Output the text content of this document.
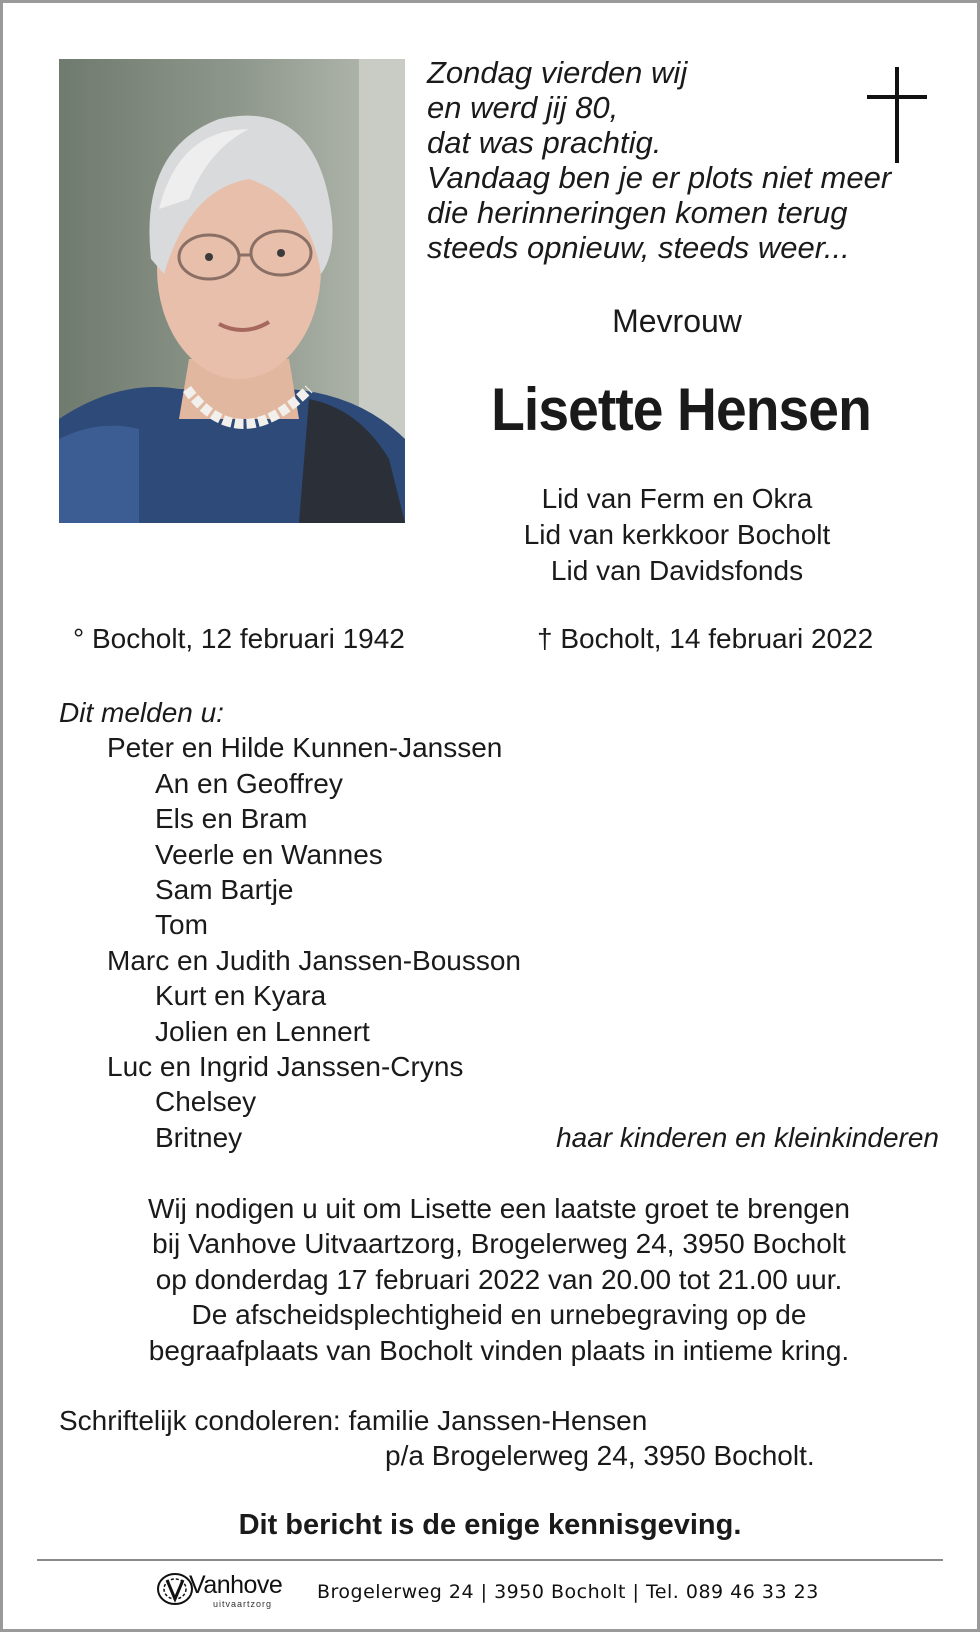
Zondag vierden wij
en werd jij 80,
dat was prachtig.
Vandaag ben je er plots niet meer
die herinneringen komen terug
steeds opnieuw, steeds weer...
Mevrouw
Lisette Hensen
Lid van Ferm en Okra
Lid van kerkkoor Bocholt
Lid van Davidsfonds
° Bocholt, 12 februari 1942	† Bocholt, 14 februari 2022
Dit melden u:
Peter en Hilde Kunnen-Janssen
An en Geoffrey
Els en Bram
Veerle en Wannes
Sam Bartje
Tom
Marc en Judith Janssen-Bousson
Kurt en Kyara
Jolien en Lennert
Luc en Ingrid Janssen-Cryns
Chelsey
Britney	haar kinderen en kleinkinderen
Wij nodigen u uit om Lisette een laatste groet te brengen
bij Vanhove Uitvaartzorg, Brogelerweg 24, 3950 Bocholt
op donderdag 17 februari 2022 van 20.00 tot 21.00 uur.
De afscheidsplechtigheid en urnebegraving op de
begraafplaats van Bocholt vinden plaats in intieme kring.
Schriftelijk condoleren: familie Janssen-Hensen
p/a Brogelerweg 24, 3950 Bocholt.
Dit bericht is de enige kennisgeving.
Vanhove
uitvaartzorg
Brogelerweg 24 | 3950 Bocholt | Tel. 089 46 33 23
